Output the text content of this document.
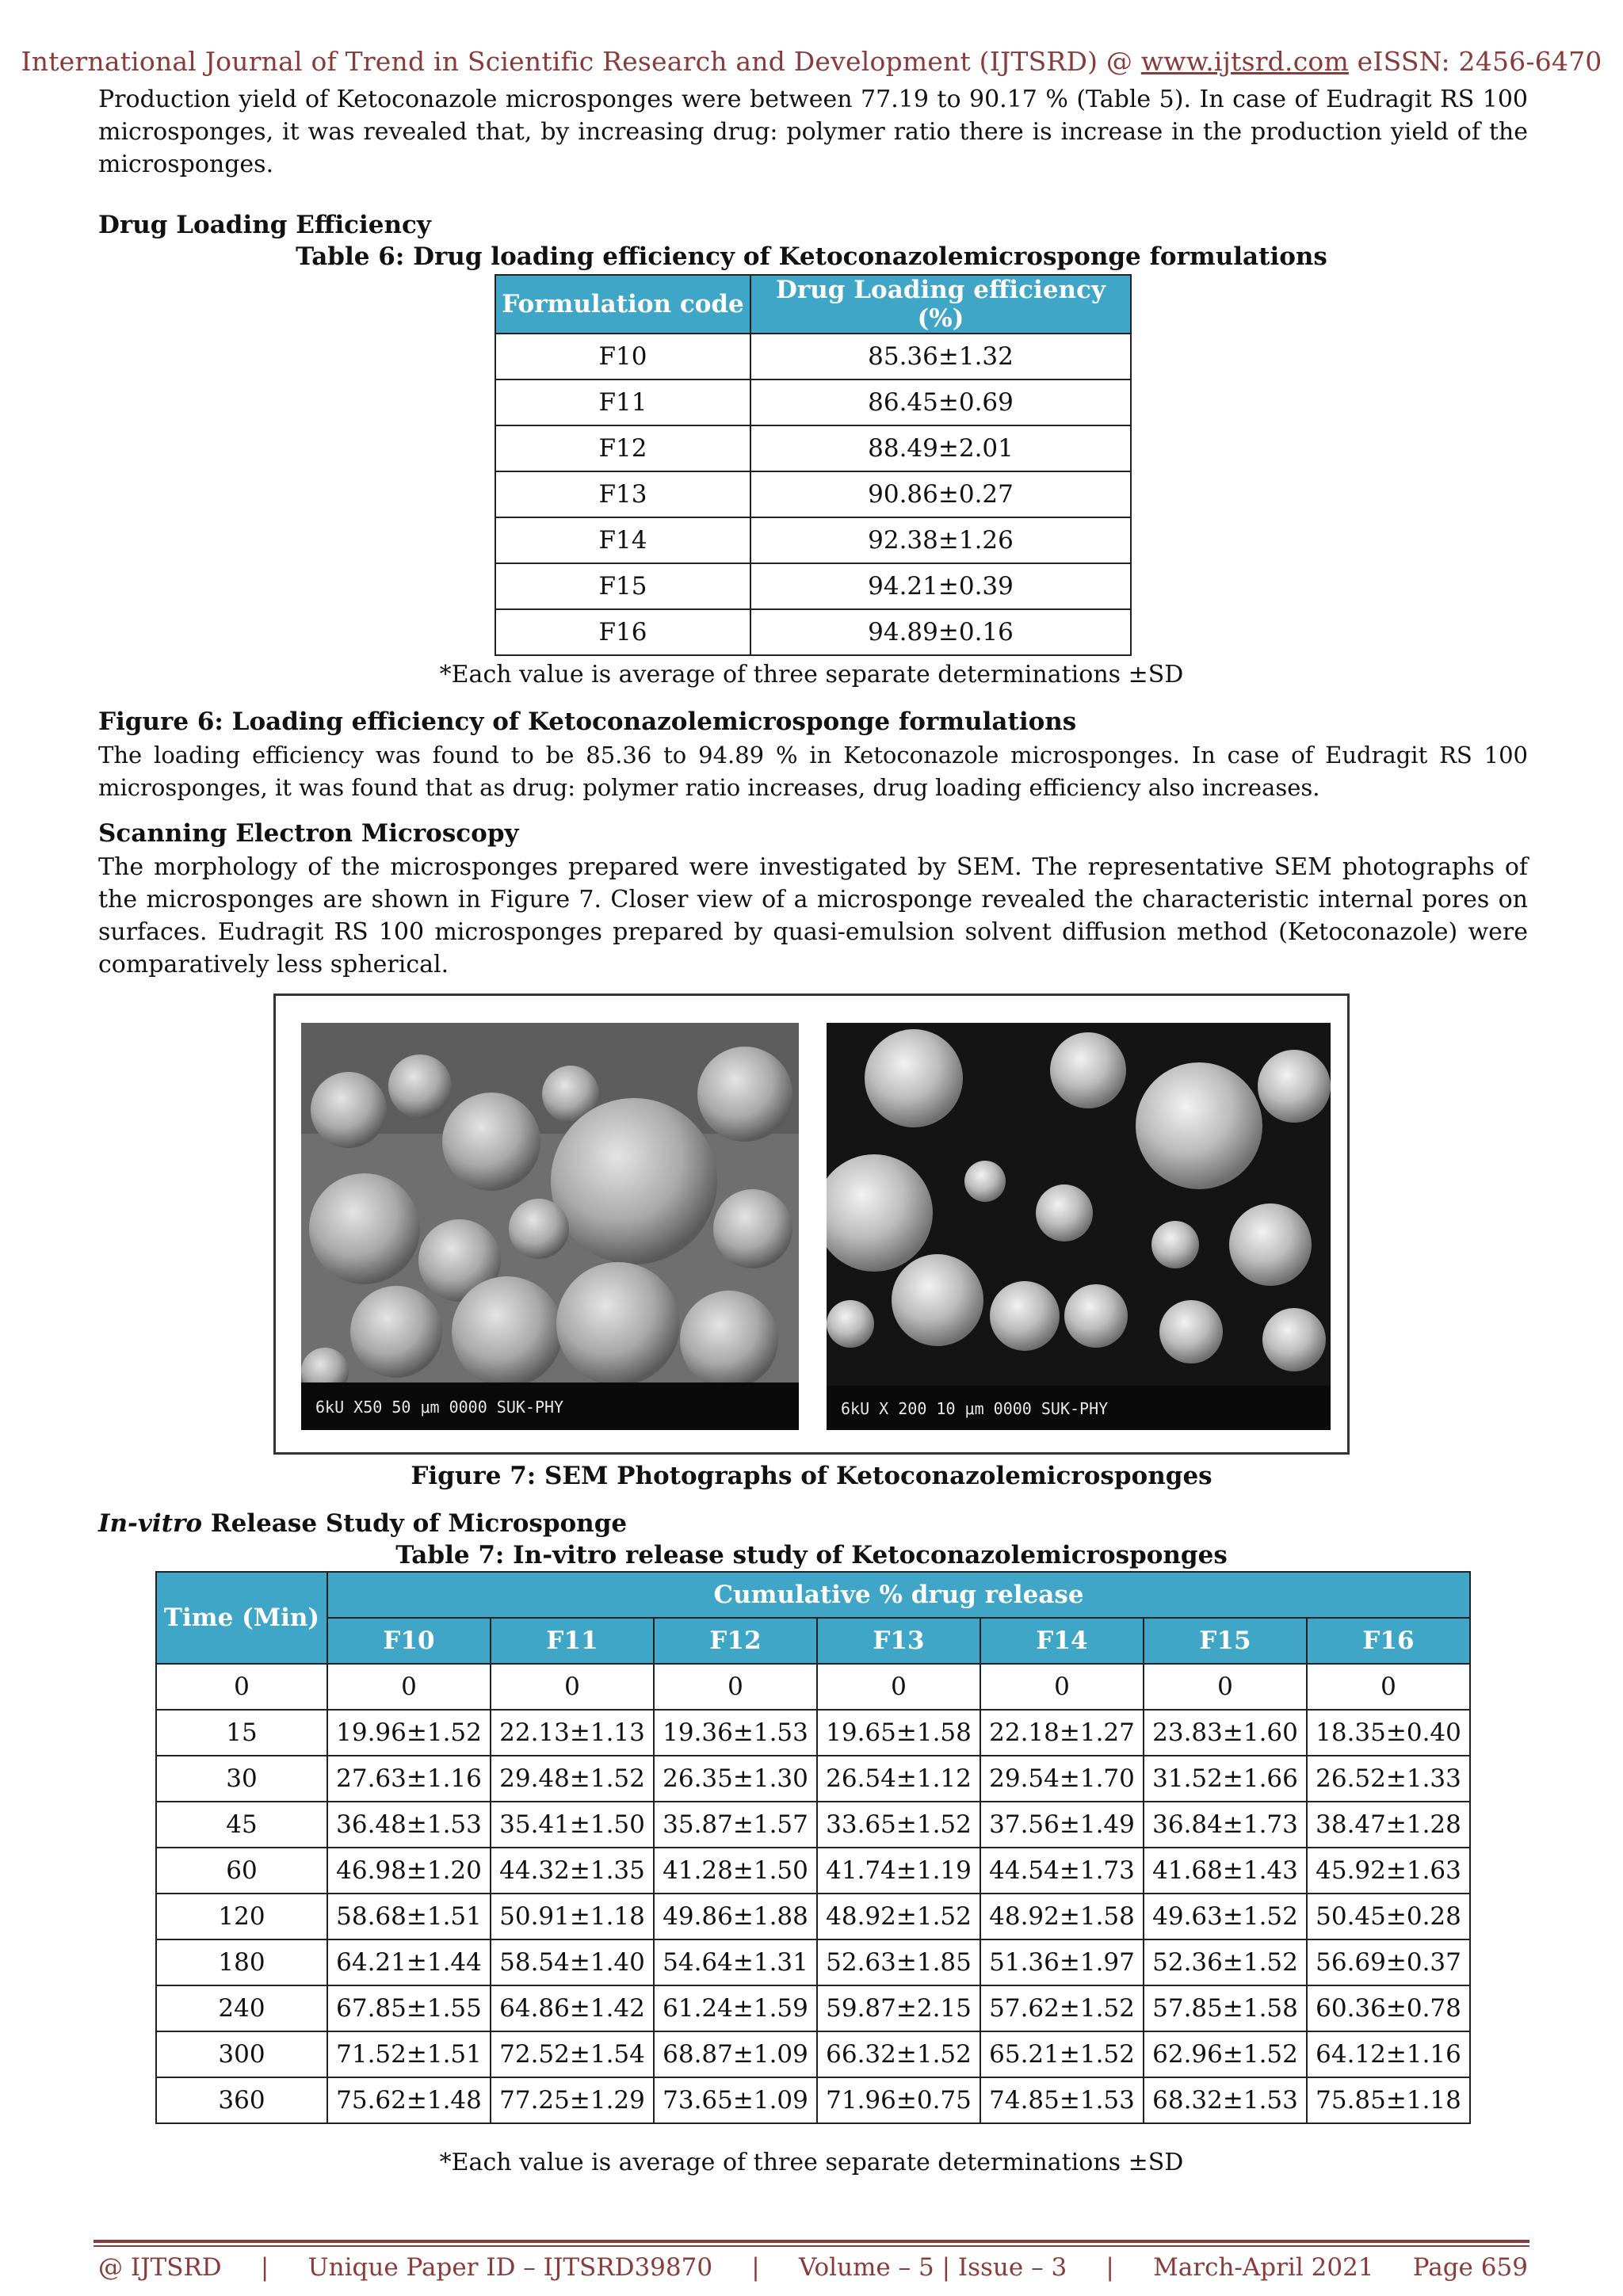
International Journal of Trend in Scientific Research and Development (IJTSRD) @ www.ijtsrd.com eISSN: 2456-6470

Production yield of Ketoconazole microsponges were between 77.19 to 90.17 % (Table 5). In case of Eudragit RS 100 microsponges, it was revealed that, by increasing drug: polymer ratio there is increase in the production yield of the microsponges.

Drug Loading Efficiency
Table 6: Drug loading efficiency of Ketoconazolemicrosponge formulations
Formulation code	Drug Loading efficiency (%)
F10	85.36±1.32
F11	86.45±0.69
F12	88.49±2.01
F13	90.86±0.27
F14	92.38±1.26
F15	94.21±0.39
F16	94.89±0.16
*Each value is average of three separate determinations ±SD
Figure 6: Loading efficiency of Ketoconazolemicrosponge formulations

The loading efficiency was found to be 85.36 to 94.89 % in Ketoconazole microsponges. In case of Eudragit RS 100 microsponges, it was found that as drug: polymer ratio increases, drug loading efficiency also increases.

Scanning Electron Microscopy

The morphology of the microsponges prepared were investigated by SEM. The representative SEM photographs of the microsponges are shown in Figure 7. Closer view of a microsponge revealed the characteristic internal pores on surfaces. Eudragit RS 100 microsponges prepared by quasi-emulsion solvent diffusion method (Ketoconazole) were comparatively less spherical.

6kU X50 50 μm 0000 SUK-PHY	6kU X 200 10 μm 0000 SUK-PHY
Figure 7: SEM Photographs of Ketoconazolemicrosponges
In-vitro Release Study of Microsponge
Table 7: In-vitro release study of Ketoconazolemicrosponges
Time (Min)	Cumulative % drug release						
	F10	F11	F12	F13	F14	F15	F16
0	0	0	0	0	0	0	0
15	19.96±1.52	22.13±1.13	19.36±1.53	19.65±1.58	22.18±1.27	23.83±1.60	18.35±0.40
30	27.63±1.16	29.48±1.52	26.35±1.30	26.54±1.12	29.54±1.70	31.52±1.66	26.52±1.33
45	36.48±1.53	35.41±1.50	35.87±1.57	33.65±1.52	37.56±1.49	36.84±1.73	38.47±1.28
60	46.98±1.20	44.32±1.35	41.28±1.50	41.74±1.19	44.54±1.73	41.68±1.43	45.92±1.63
120	58.68±1.51	50.91±1.18	49.86±1.88	48.92±1.52	48.92±1.58	49.63±1.52	50.45±0.28
180	64.21±1.44	58.54±1.40	54.64±1.31	52.63±1.85	51.36±1.97	52.36±1.52	56.69±0.37
240	67.85±1.55	64.86±1.42	61.24±1.59	59.87±2.15	57.62±1.52	57.85±1.58	60.36±0.78
300	71.52±1.51	72.52±1.54	68.87±1.09	66.32±1.52	65.21±1.52	62.96±1.52	64.12±1.16
360	75.62±1.48	77.25±1.29	73.65±1.09	71.96±0.75	74.85±1.53	68.32±1.53	75.85±1.18
*Each value is average of three separate determinations ±SD
@ IJTSRD | Unique Paper ID – IJTSRD39870 | Volume – 5 | Issue – 3 | March-April 2021 Page 659
